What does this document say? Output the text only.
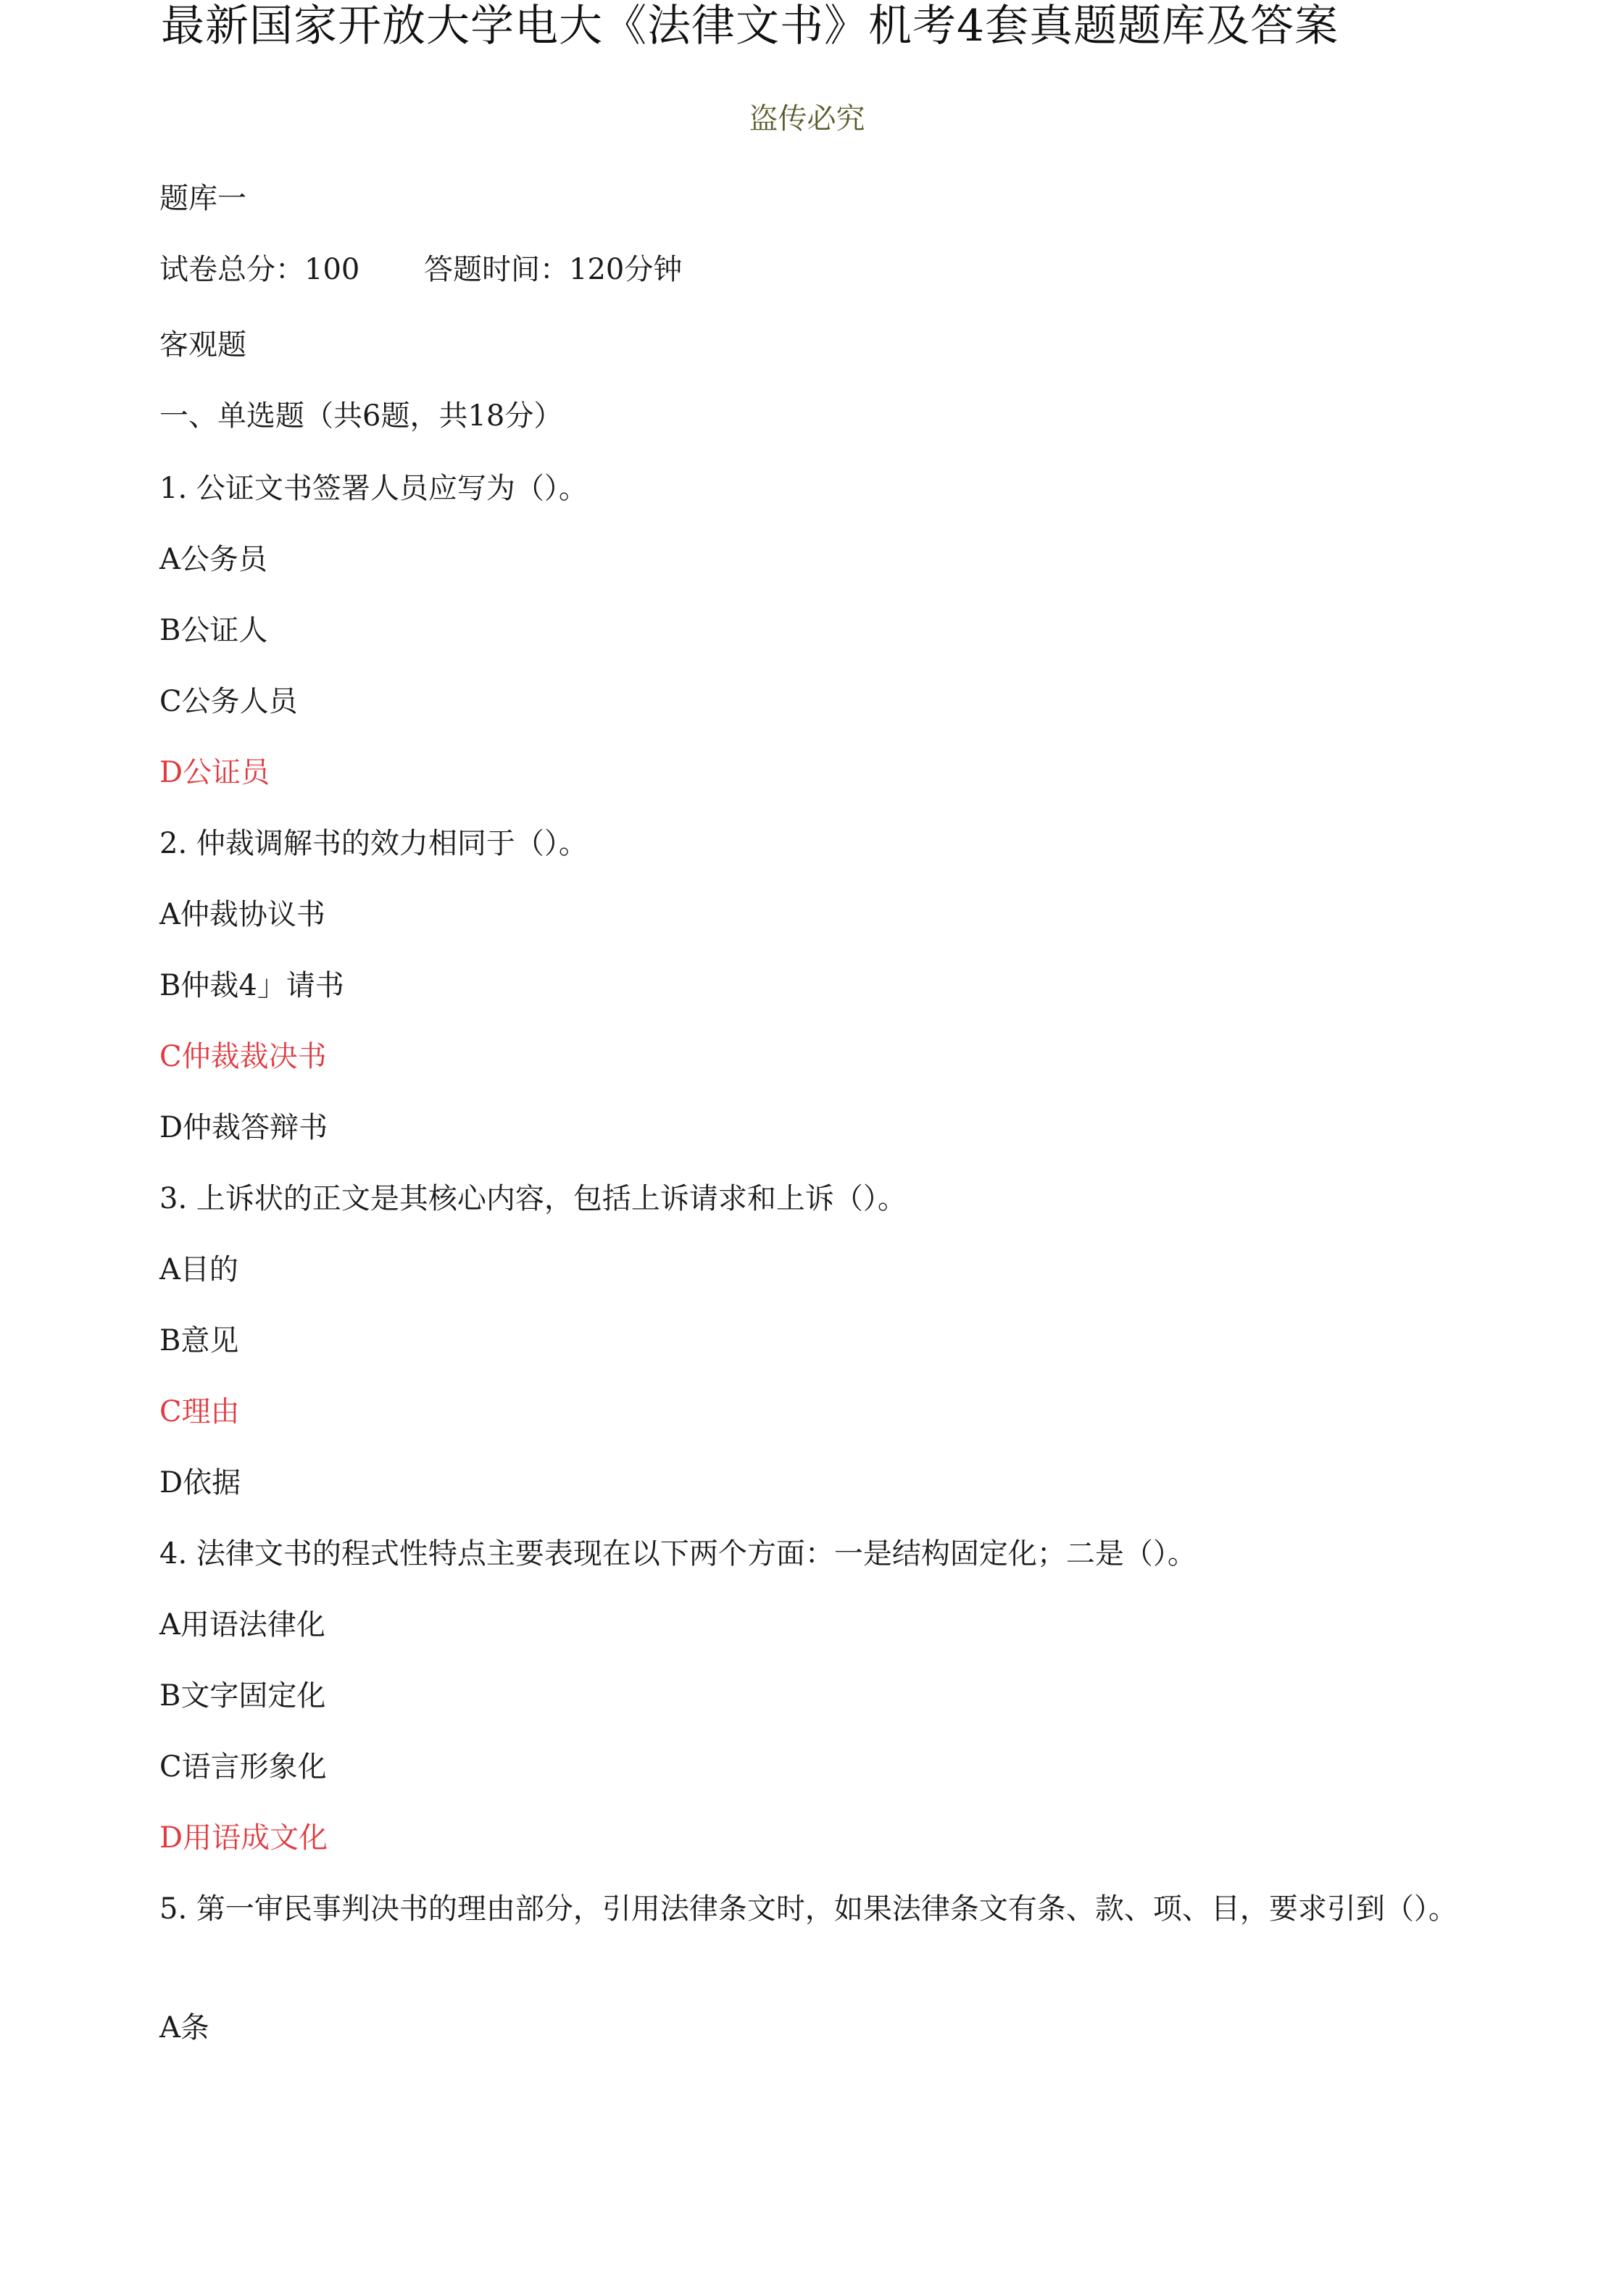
最新国家开放大学电大《法律文书》机考4套真题题库及答案
盗传必究
题库一
试卷总分：100 答题时间：120分钟
客观题
一、单选题（共6题，共18分）
1. 公证文书签署人员应写为（）。
A公务员
B公证人
C公务人员
D公证员
2. 仲裁调解书的效力相同于（）。
A仲裁协议书
B仲裁4」请书
C仲裁裁决书
D仲裁答辩书
3. 上诉状的正文是其核心内容，包括上诉请求和上诉（）。
A目的
B意见
C理由
D依据
4. 法律文书的程式性特点主要表现在以下两个方面：一是结构固定化；二是（）。
A用语法律化
B文字固定化
C语言形象化
D用语成文化
5. 第一审民事判决书的理由部分，引用法律条文时，如果法律条文有条、款、项、目，要求引到（）。
A条
